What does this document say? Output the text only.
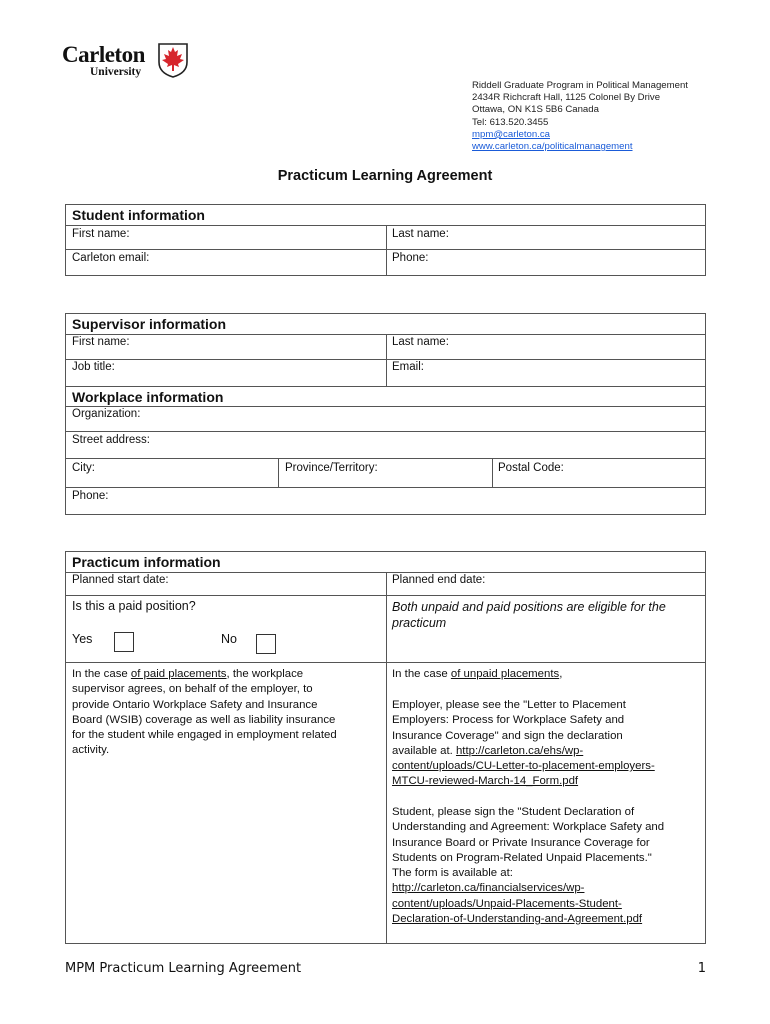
Carleton
University
Riddell Graduate Program in Political Management
2434R Richcraft Hall, 1125 Colonel By Drive
Ottawa, ON K1S 5B6 Canada
Tel: 613.520.3455
mpm@carleton.ca
www.carleton.ca/politicalmanagement
Practicum Learning Agreement
Student information
First name:	Last name:
Carleton email:	Phone:
Supervisor information
First name:	Last name:
Job title:	Email:
Workplace information
Organization:
Street address:
City:	Province/Territory:	Postal Code:
Phone:
Practicum information
Planned start date:	Planned end date:
Is this a paid position?	Both unpaid and paid positions are eligible for the practicum
Yes	No
In the case of paid placements, the workplace
supervisor agrees, on behalf of the employer, to
provide Ontario Workplace Safety and Insurance
Board (WSIB) coverage as well as liability insurance
for the student while engaged in employment related
activity.
In the case of unpaid placements,
Employer, please see the "Letter to Placement
Employers: Process for Workplace Safety and
Insurance Coverage" and sign the declaration
available at. http://carleton.ca/ehs/wp-
content/uploads/CU-Letter-to-placement-employers-
MTCU-reviewed-March-14_Form.pdf
Student, please sign the "Student Declaration of
Understanding and Agreement: Workplace Safety and
Insurance Board or Private Insurance Coverage for
Students on Program-Related Unpaid Placements."
The form is available at:
http://carleton.ca/financialservices/wp-
content/uploads/Unpaid-Placements-Student-
Declaration-of-Understanding-and-Agreement.pdf
MPM Practicum Learning Agreement	1
